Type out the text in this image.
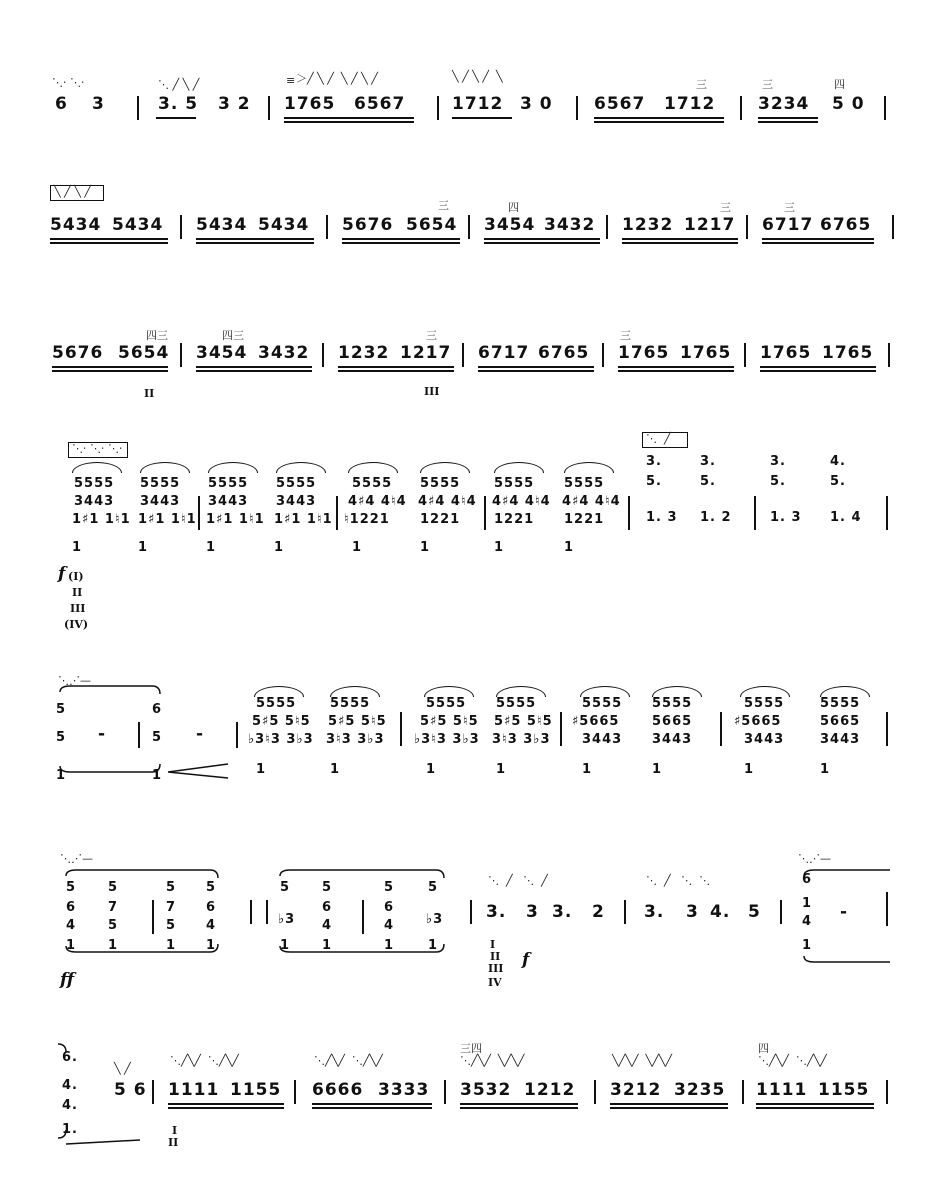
⋱⋅ ⋱⋅
6 3
⋱ ╱ ╲ ╱
3. 5 3 2
≡ ＞╱ ╲ ╱  ╲ ╱ ╲ ╱
1765 6567
╲ ╱ ╲ ╱  ╲
1712 3 0 6567
三
1712
三
3234
四
5 0
╲ ╱ ╲ ╱
5434 5434 5434 5434 5676
三
5654
四
3454 3432 1232
三
1217
三
6717 6765
5676
四三
5654
四三
3454 3432 1232
三
1217 6717 6765
三
1765 1765 1765 1765
II	III
⋱⋅ ⋱⋅ ⋱⋅
5555
3443
1♯1 1♮1
1
5555
3443
1♯1 1♮1
1
5555
3443
1♯1 1♮1
1
5555
3443
1♯1 1♮1
1
5555
4♯4 4♮4
♮1221
1
5555
4♯4 4♮4
1221
1
5555
4♯4 4♮4
1221
1
5555
4♯4 4♮4
1221
1
⋱  ╱
3.
5.
1. 3
3.
5.
1. 2
3.
5.
1. 3
4.
5.
1. 4
f (I)
II
III
(IV)
⋱⋰—
5
5
1
-
6
5
1
-
5555
5♯5 5♮5
♭3♮3 3♭3
1
5555
5♯5 5♮5
3♮3 3♭3
1
5555
5♯5 5♮5
♭3♮3 3♭3
1
5555
5♯5 5♮5
3♮3 3♭3
1
5555
♯5665
3443
1
5555
5665
3443
1
5555
♯5665
3443
1
5555
5665
3443
1
⋱⋰—
5
6
4
1
5
7
5
1
5
7
5
1
5
6
4
1
5
♭3
1
5
6
4
1
5
6
4
1
5
♭3
1
⋱  ╱   ⋱  ╱
3. 3 3. 2
⋱  ╱   ⋱  ⋱
3. 3 4. 5
⋱⋰—
6
1
4
1
-
ff
I
II
III
IV
f
6.
4.
4.
1.
╲ ╱
5 6
⋱╱╲╱  ⋱╱╲╱
1111 1155
⋱╱╲╱  ⋱╱╲╱
6666 3333
三四
⋱╱╲╱  ╲╱╲╱
3532 1212
╲╱╲╱  ╲╱╲╱
3212 3235
四
⋱╱╲╱  ⋱╱╲╱
1111 1155
I
II
